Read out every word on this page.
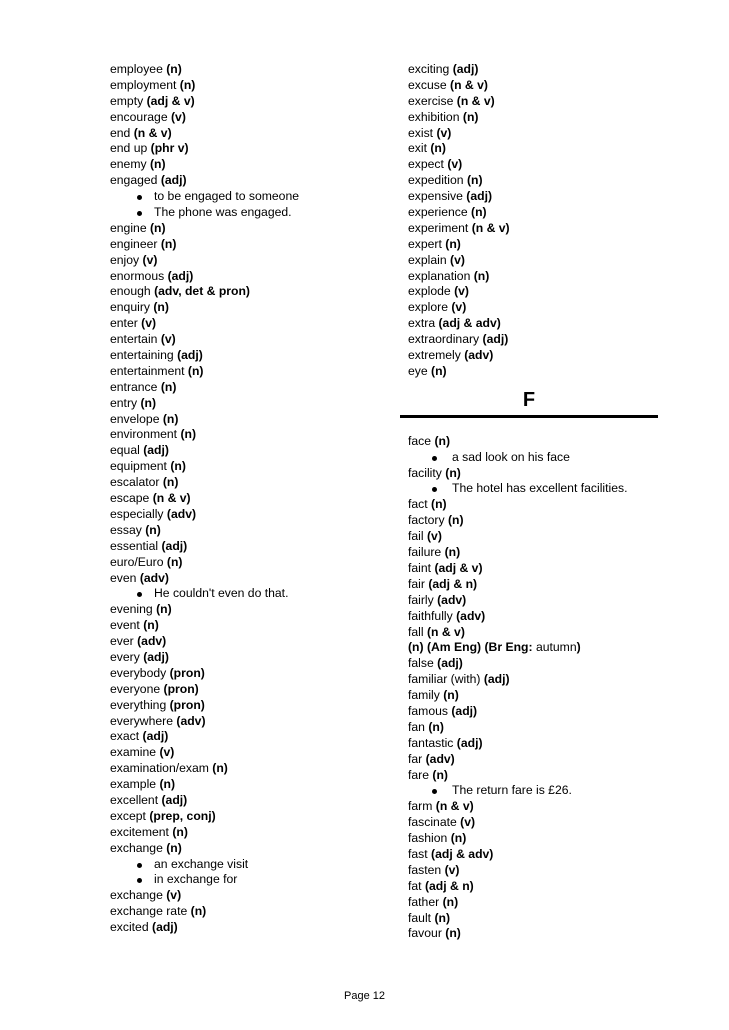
employee (n)
employment (n)
empty (adj & v)
encourage (v)
end (n & v)
end up (phr v)
enemy (n)
engaged (adj)
to be engaged to someone
The phone was engaged.
engine (n)
engineer (n)
enjoy (v)
enormous (adj)
enough (adv, det & pron)
enquiry (n)
enter (v)
entertain (v)
entertaining (adj)
entertainment (n)
entrance (n)
entry (n)
envelope (n)
environment (n)
equal (adj)
equipment (n)
escalator (n)
escape (n & v)
especially (adv)
essay (n)
essential (adj)
euro/Euro (n)
even (adv)
He couldn't even do that.
evening (n)
event (n)
ever (adv)
every (adj)
everybody (pron)
everyone (pron)
everything (pron)
everywhere (adv)
exact (adj)
examine (v)
examination/exam (n)
example (n)
excellent (adj)
except (prep, conj)
excitement (n)
exchange (n)
an exchange visit
in exchange for
exchange (v)
exchange rate (n)
excited (adj)
exciting (adj)
excuse (n & v)
exercise (n & v)
exhibition (n)
exist (v)
exit (n)
expect (v)
expedition (n)
expensive (adj)
experience (n)
experiment (n & v)
expert (n)
explain (v)
explanation (n)
explode (v)
explore (v)
extra (adj & adv)
extraordinary (adj)
extremely (adv)
eye (n)
F
face (n)
a sad look on his face
facility (n)
The hotel has excellent facilities.
fact (n)
factory (n)
fail (v)
failure (n)
faint (adj & v)
fair (adj & n)
fairly (adv)
faithfully (adv)
fall (n & v)
(n) (Am Eng) (Br Eng: autumn)
false (adj)
familiar (with) (adj)
family (n)
famous (adj)
fan (n)
fantastic (adj)
far (adv)
fare (n)
The return fare is £26.
farm (n & v)
fascinate (v)
fashion (n)
fast (adj & adv)
fasten (v)
fat (adj & n)
father (n)
fault (n)
favour (n)
Page 12
